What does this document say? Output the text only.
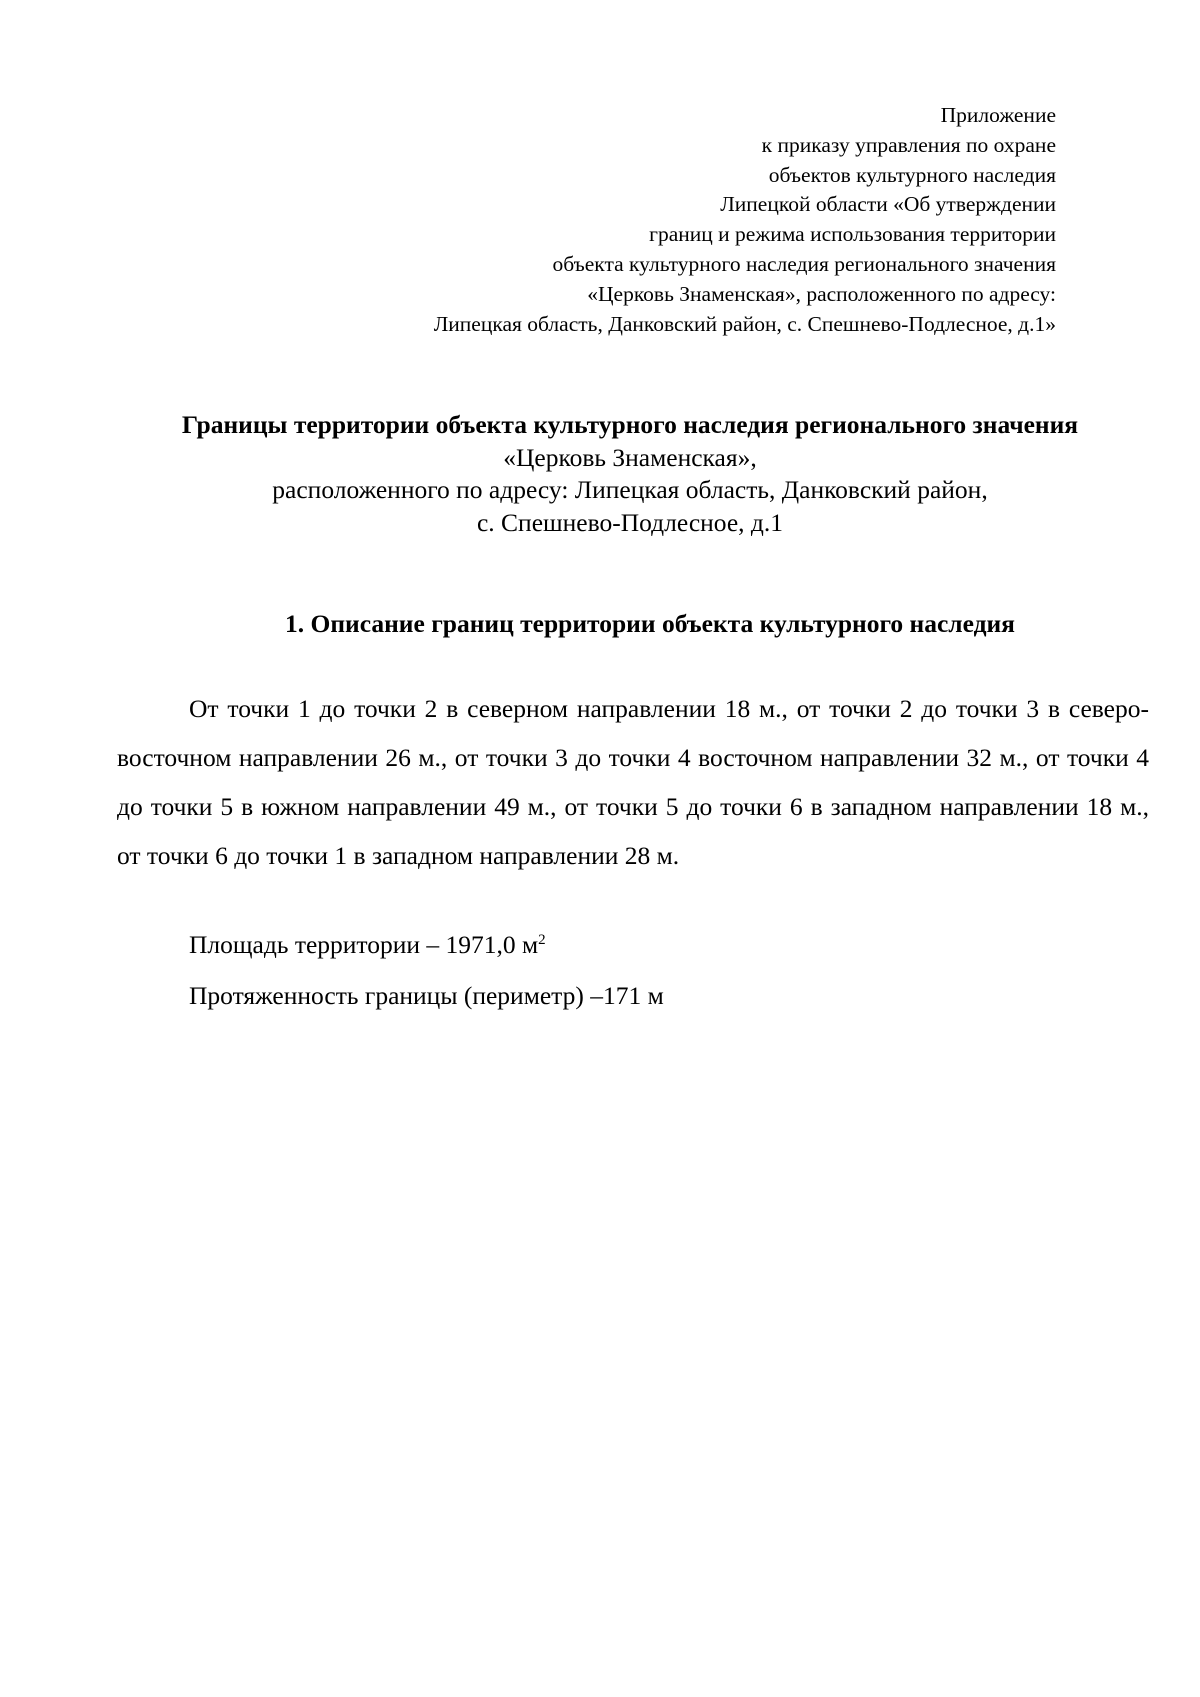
Приложение
к приказу управления по охране
объектов культурного наследия
Липецкой области «Об утверждении
границ и режима использования территории
объекта культурного наследия регионального значения
«Церковь Знаменская», расположенного по адресу:
Липецкая область, Данковский район, с. Спешнево-Подлесное, д.1»
Границы территории объекта культурного наследия регионального значения
«Церковь Знаменская»,
расположенного по адресу: Липецкая область, Данковский район,
с. Спешнево-Подлесное, д.1
1. Описание границ территории объекта культурного наследия

От точки 1 до точки 2 в северном направлении 18 м., от точки 2 до точки 3 в северо- восточном направлении 26 м., от точки 3 до точки 4 восточном направлении 32 м., от точки 4 до точки 5 в южном направлении 49 м., от точки 5 до точки 6 в западном направлении 18 м., от точки 6 до точки 1 в западном направлении 28 м.

Площадь территории – 1971,0 $м^2$
Протяженность границы (периметр) –171 м
